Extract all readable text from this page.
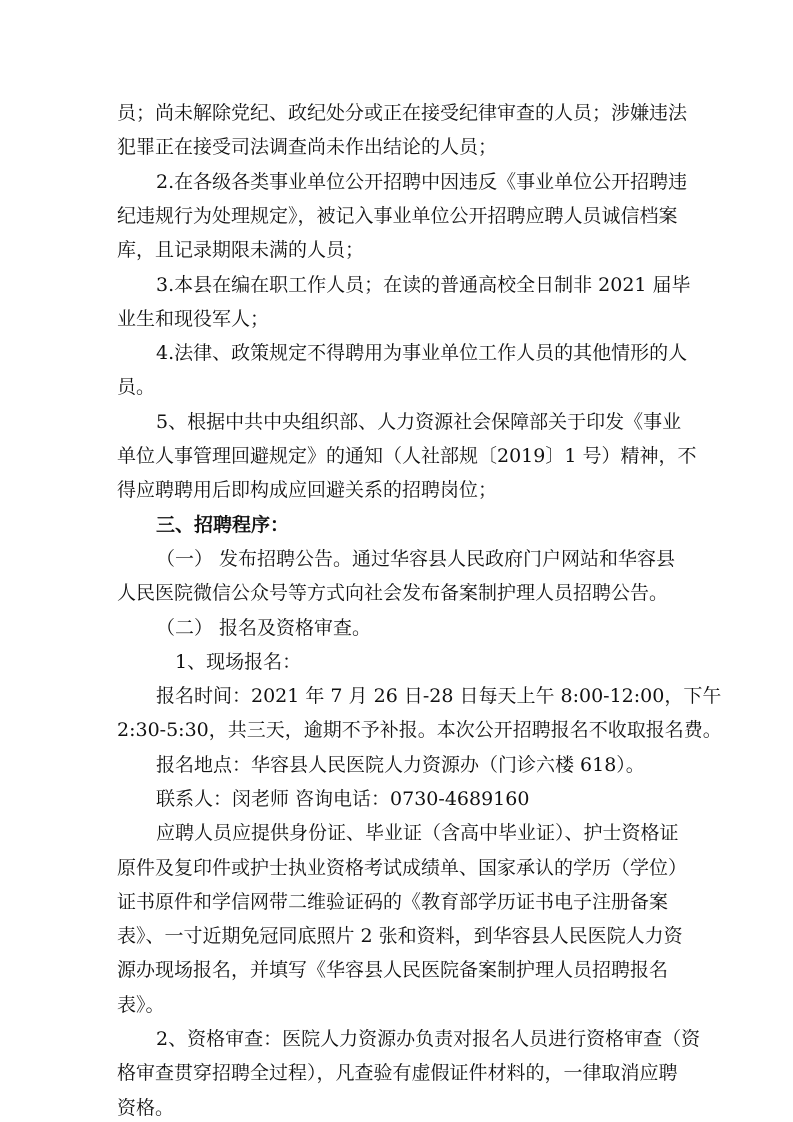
员；尚未解除党纪、政纪处分或正在接受纪律审查的人员；涉嫌违法
犯罪正在接受司法调查尚未作出结论的人员；
2.在各级各类事业单位公开招聘中因违反《事业单位公开招聘违
纪违规行为处理规定》，被记入事业单位公开招聘应聘人员诚信档案
库，且记录期限未满的人员；
3.本县在编在职工作人员；在读的普通高校全日制非 2021 届毕
业生和现役军人；
4.法律、政策规定不得聘用为事业单位工作人员的其他情形的人
员。
5、根据中共中央组织部、人力资源社会保障部关于印发《事业
单位人事管理回避规定》的通知（人社部规〔2019〕1 号）精神，不
得应聘聘用后即构成应回避关系的招聘岗位；
三、招聘程序：
（一） 发布招聘公告。通过华容县人民政府门户网站和华容县
人民医院微信公众号等方式向社会发布备案制护理人员招聘公告。
（二） 报名及资格审查。
1、现场报名：
报名时间：2021 年 7 月 26 日-28 日每天上午 8:00-12:00，下午
2:30-5:30，共三天，逾期不予补报。本次公开招聘报名不收取报名费。
报名地点：华容县人民医院人力资源办（门诊六楼 618）。
联系人：闵老师 咨询电话：0730-4689160
应聘人员应提供身份证、毕业证（含高中毕业证）、护士资格证
原件及复印件或护士执业资格考试成绩单、国家承认的学历（学位）
证书原件和学信网带二维验证码的《教育部学历证书电子注册备案
表》、一寸近期免冠同底照片 2 张和资料，到华容县人民医院人力资
源办现场报名，并填写《华容县人民医院备案制护理人员招聘报名
表》。
2、资格审查：医院人力资源办负责对报名人员进行资格审查（资
格审查贯穿招聘全过程），凡查验有虚假证件材料的，一律取消应聘
资格。
